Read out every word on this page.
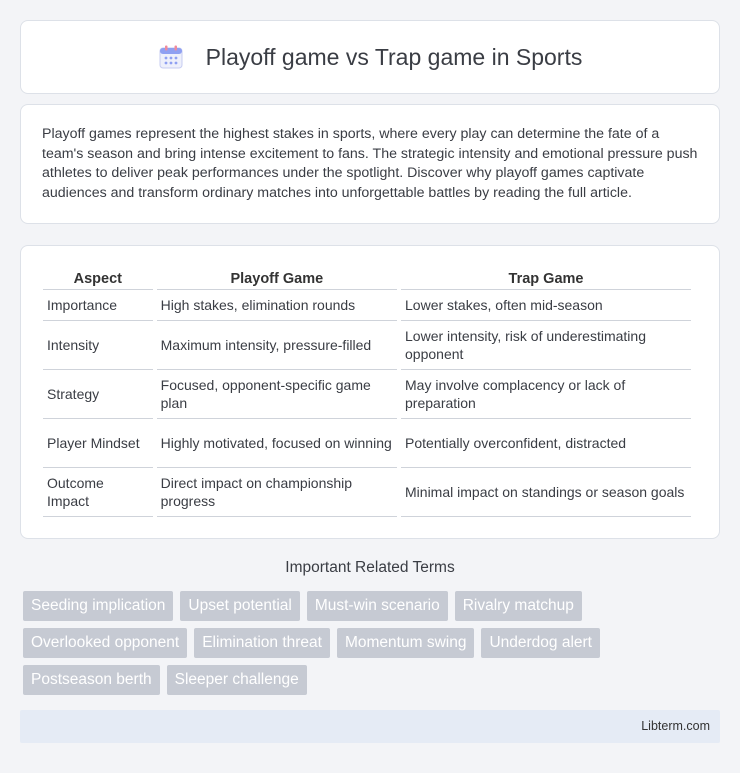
Playoff game vs Trap game in Sports

Playoff games represent the highest stakes in sports, where every play can determine the fate of a team's season and bring intense excitement to fans. The strategic intensity and emotional pressure push athletes to deliver peak performances under the spotlight. Discover why playoff games captivate audiences and transform ordinary matches into unforgettable battles by reading the full article.

Aspect	Playoff Game	Trap Game
Importance	High stakes, elimination rounds	Lower stakes, often mid-season
Intensity	Maximum intensity, pressure-filled	Lower intensity, risk of underestimating opponent
Strategy	Focused, opponent-specific game plan	May involve complacency or lack of preparation
Player Mindset	Highly motivated, focused on winning	Potentially overconfident, distracted
Outcome Impact	Direct impact on championship progress	Minimal impact on standings or season goals
Important Related Terms
Seeding implication	Upset potential	Must-win scenario	Rivalry matchup
Overlooked opponent	Elimination threat	Momentum swing	Underdog alert
Postseason berth	Sleeper challenge
Libterm.com
